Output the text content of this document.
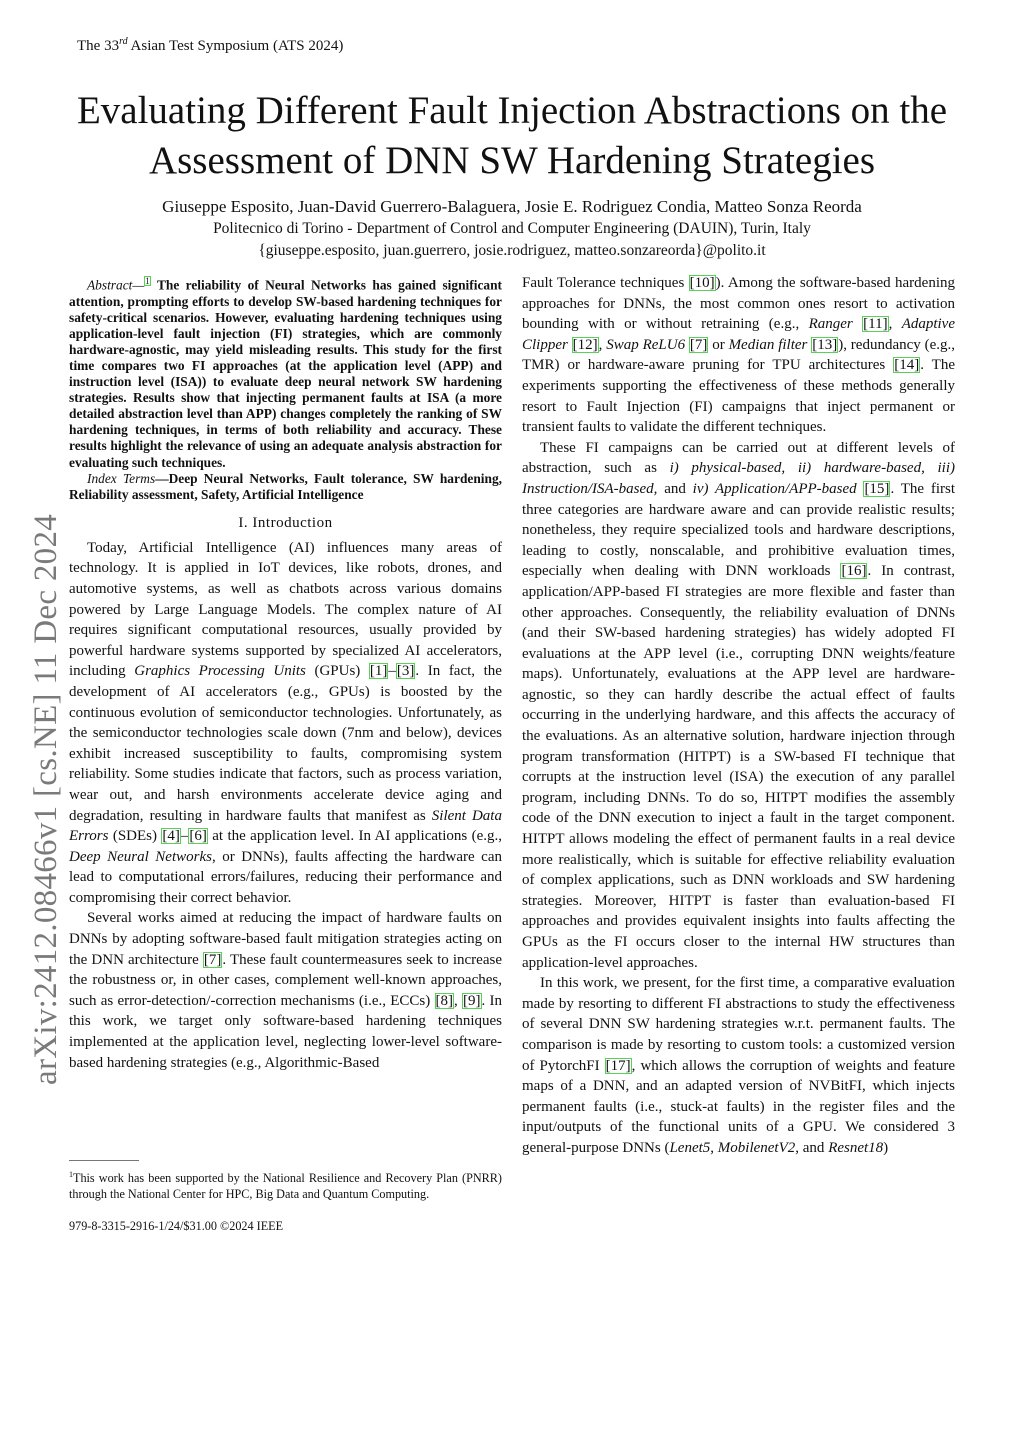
The 33rd Asian Test Symposium (ATS 2024)
Evaluating Different Fault Injection Abstractions on the Assessment of DNN SW Hardening Strategies
Giuseppe Esposito, Juan-David Guerrero-Balaguera, Josie E. Rodriguez Condia, Matteo Sonza Reorda
Politecnico di Torino - Department of Control and Computer Engineering (DAUIN), Turin, Italy
{giuseppe.esposito, juan.guerrero, josie.rodriguez, matteo.sonzareorda}@polito.it
arXiv:2412.08466v1 [cs.NE] 11 Dec 2024

Abstract—$^1$ The reliability of Neural Networks has gained significant attention, prompting efforts to develop SW-based hardening techniques for safety-critical scenarios. However, evaluating hardening techniques using application-level fault injection (FI) strategies, which are commonly hardware-agnostic, may yield misleading results. This study for the first time compares two FI approaches (at the application level (APP) and instruction level (ISA)) to evaluate deep neural network SW hardening strategies. Results show that injecting permanent faults at ISA (a more detailed abstraction level than APP) changes completely the ranking of SW hardening techniques, in terms of both reliability and accuracy. These results highlight the relevance of using an adequate analysis abstraction for evaluating such techniques.

Index Terms—Deep Neural Networks, Fault tolerance, SW hardening, Reliability assessment, Safety, Artificial Intelligence

I. Introduction

Today, Artificial Intelligence (AI) influences many areas of technology. It is applied in IoT devices, like robots, drones, and automotive systems, as well as chatbots across various domains powered by Large Language Models. The complex nature of AI requires significant computational resources, usually provided by powerful hardware systems supported by specialized AI accelerators, including Graphics Processing Units (GPUs) [1]–[3]. In fact, the development of AI accelerators (e.g., GPUs) is boosted by the continuous evolution of semiconductor technologies. Unfortunately, as the semiconductor technologies scale down (7nm and below), devices exhibit increased susceptibility to faults, compromising system reliability. Some studies indicate that factors, such as process variation, wear out, and harsh environments accelerate device aging and degradation, resulting in hardware faults that manifest as Silent Data Errors (SDEs) [4]–[6] at the application level. In AI applications (e.g., Deep Neural Networks, or DNNs), faults affecting the hardware can lead to computational errors/failures, reducing their performance and compromising their correct behavior.

Several works aimed at reducing the impact of hardware faults on DNNs by adopting software-based fault mitigation strategies acting on the DNN architecture [7]. These fault countermeasures seek to increase the robustness or, in other cases, complement well-known approaches, such as error-detection/-correction mechanisms (i.e., ECCs) [8], [9]. In this work, we target only software-based hardening techniques implemented at the application level, neglecting lower-level software-based hardening strategies (e.g., Algorithmic-Based

$^1$This work has been supported by the National Resilience and Recovery Plan (PNRR) through the National Center for HPC, Big Data and Quantum Computing.
979-8-3315-2916-1/24/$31.00 ©2024 IEEE

Fault Tolerance techniques [10]). Among the software-based hardening approaches for DNNs, the most common ones resort to activation bounding with or without retraining (e.g., Ranger [11], Adaptive Clipper [12], Swap ReLU6 [7] or Median filter [13]), redundancy (e.g., TMR) or hardware-aware pruning for TPU architectures [14]. The experiments supporting the effectiveness of these methods generally resort to Fault Injection (FI) campaigns that inject permanent or transient faults to validate the different techniques.

These FI campaigns can be carried out at different levels of abstraction, such as i) physical-based, ii) hardware-based, iii) Instruction/ISA-based, and iv) Application/APP-based [15]. The first three categories are hardware aware and can provide realistic results; nonetheless, they require specialized tools and hardware descriptions, leading to costly, nonscalable, and prohibitive evaluation times, especially when dealing with DNN workloads [16]. In contrast, application/APP-based FI strategies are more flexible and faster than other approaches. Consequently, the reliability evaluation of DNNs (and their SW-based hardening strategies) has widely adopted FI evaluations at the APP level (i.e., corrupting DNN weights/feature maps). Unfortunately, evaluations at the APP level are hardware-agnostic, so they can hardly describe the actual effect of faults occurring in the underlying hardware, and this affects the accuracy of the evaluations. As an alternative solution, hardware injection through program transformation (HITPT) is a SW-based FI technique that corrupts at the instruction level (ISA) the execution of any parallel program, including DNNs. To do so, HITPT modifies the assembly code of the DNN execution to inject a fault in the target component. HITPT allows modeling the effect of permanent faults in a real device more realistically, which is suitable for effective reliability evaluation of complex applications, such as DNN workloads and SW hardening strategies. Moreover, HITPT is faster than evaluation-based FI approaches and provides equivalent insights into faults affecting the GPUs as the FI occurs closer to the internal HW structures than application-level approaches.

In this work, we present, for the first time, a comparative evaluation made by resorting to different FI abstractions to study the effectiveness of several DNN SW hardening strategies w.r.t. permanent faults. The comparison is made by resorting to custom tools: a customized version of PytorchFI [17], which allows the corruption of weights and feature maps of a DNN, and an adapted version of NVBitFI, which injects permanent faults (i.e., stuck-at faults) in the register files and the input/outputs of the functional units of a GPU. We considered 3 general-purpose DNNs (Lenet5, MobilenetV2, and Resnet18)
